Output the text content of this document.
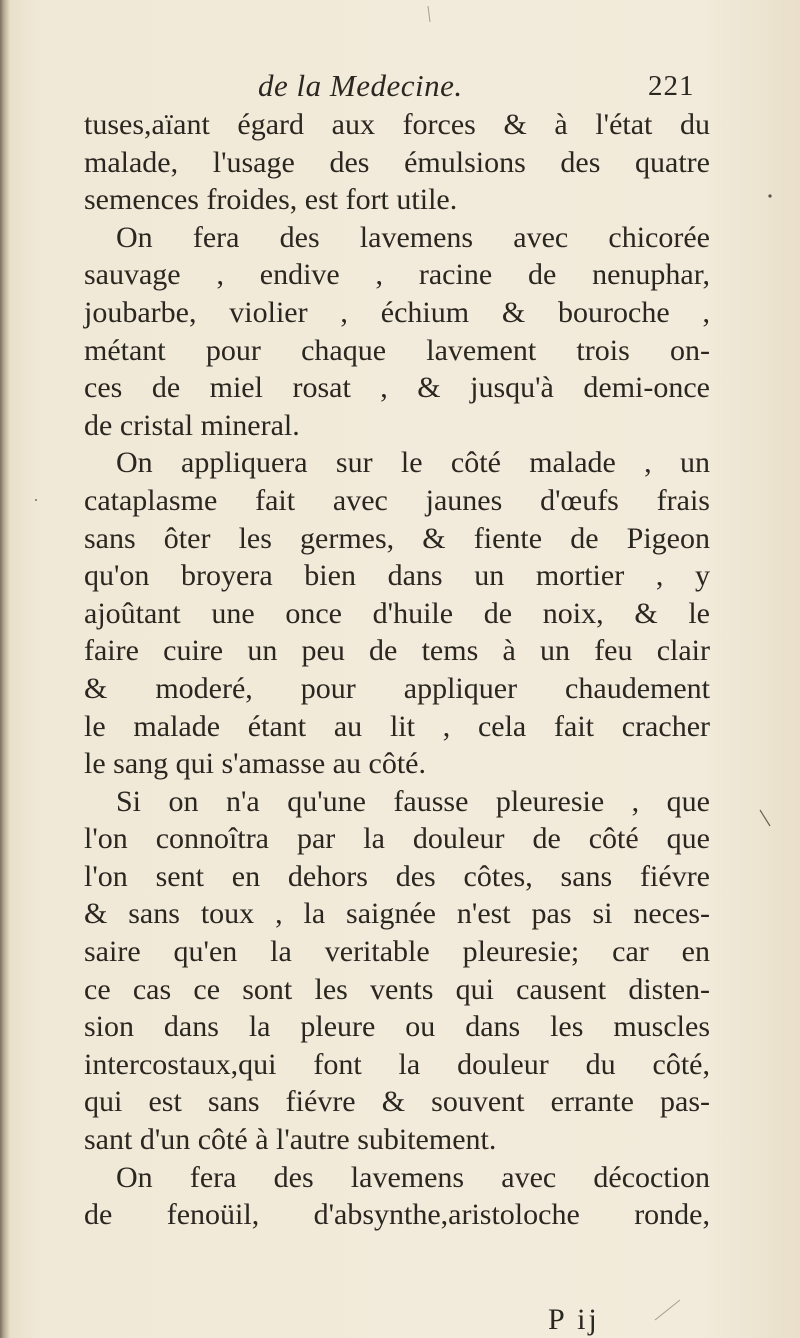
de la Medecine.	221
tuses,aïant égard aux forces & à l'état du
malade, l'usage des émulsions des quatre
semences froides, est fort utile.
On fera des lavemens avec chicorée
sauvage , endive , racine de nenuphar,
joubarbe, violier , échium & bouroche ,
métant pour chaque lavement trois on-
ces de miel rosat , & jusqu'à demi-once
de cristal mineral.
On appliquera sur le côté malade , un
cataplasme fait avec jaunes d'œufs frais
sans ôter les germes, & fiente de Pigeon
qu'on broyera bien dans un mortier , y
ajoûtant une once d'huile de noix, & le
faire cuire un peu de tems à un feu clair
& moderé, pour appliquer chaudement
le malade étant au lit , cela fait cracher
le sang qui s'amasse au côté.
Si on n'a qu'une fausse pleuresie , que
l'on connoîtra par la douleur de côté que
l'on sent en dehors des côtes, sans fiévre
& sans toux , la saignée n'est pas si neces-
saire qu'en la veritable pleuresie; car en
ce cas ce sont les vents qui causent disten-
sion dans la pleure ou dans les muscles
intercostaux,qui font la douleur du côté,
qui est sans fiévre & souvent errante pas-
sant d'un côté à l'autre subitement.
On fera des lavemens avec décoction
de fenoüil, d'absynthe,aristoloche ronde,
P ij
